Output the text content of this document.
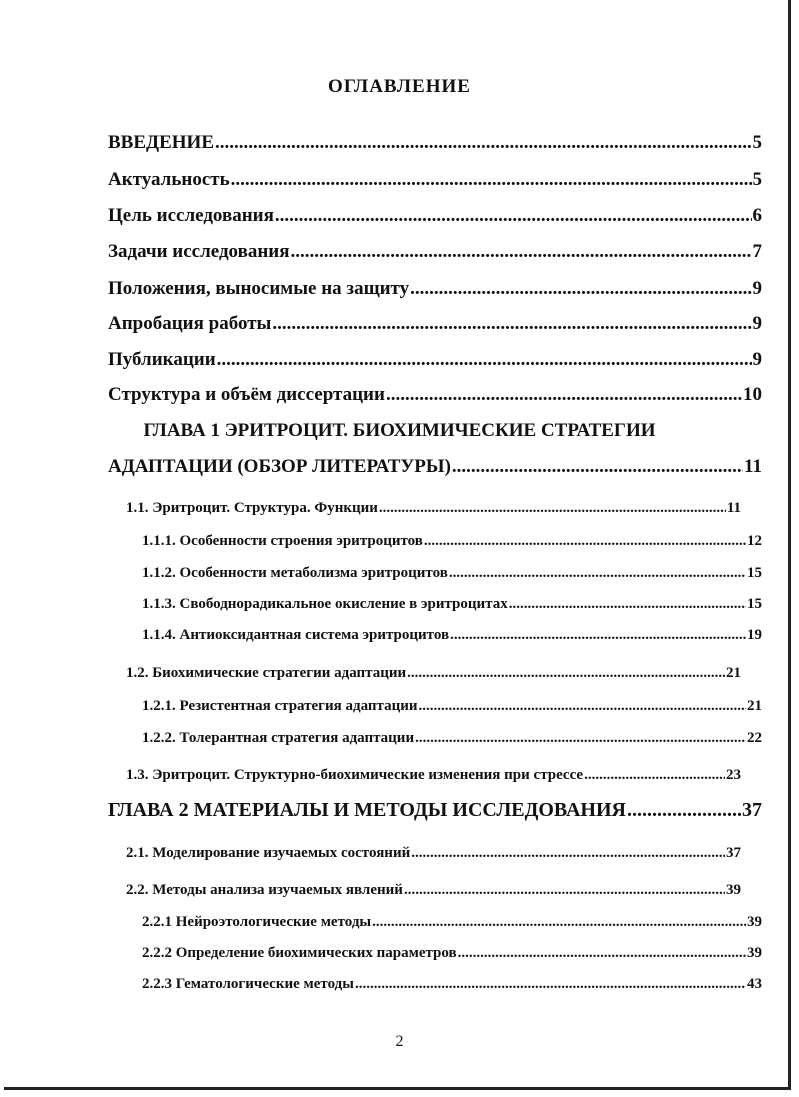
ОГЛАВЛЕНИЕ
ВВЕДЕНИЕ .....	5
Актуальность .....	5
Цель исследования .....	6
Задачи исследования .....	7
Положения, выносимые на защиту .....	9
Апробация работы .....	9
Публикации .....	9
Структура и объём диссертации .....	10
ГЛАВА 1 ЭРИТРОЦИТ. БИОХИМИЧЕСКИЕ СТРАТЕГИИ
АДАПТАЦИИ (ОБЗОР ЛИТЕРАТУРЫ) .....	11
1.1. Эритроцит. Структура. Функции .....	11
1.1.1. Особенности строения эритроцитов .....	12
1.1.2. Особенности метаболизма эритроцитов .....	15
1.1.3. Свободнорадикальное окисление в эритроцитах .....	15
1.1.4. Антиоксидантная система эритроцитов .....	19
1.2. Биохимические стратегии адаптации .....	21
1.2.1. Резистентная стратегия адаптации .....	21
1.2.2. Толерантная стратегия адаптации .....	22
1.3. Эритроцит. Структурно-биохимические изменения при стрессе .....	23
ГЛАВА 2 МАТЕРИАЛЫ И МЕТОДЫ ИССЛЕДОВАНИЯ .....	37
2.1. Моделирование изучаемых состояний .....	37
2.2. Методы анализа изучаемых явлений .....	39
2.2.1 Нейроэтологические методы .....	39
2.2.2 Определение биохимических параметров .....	39
2.2.3 Гематологические методы .....	43
2
